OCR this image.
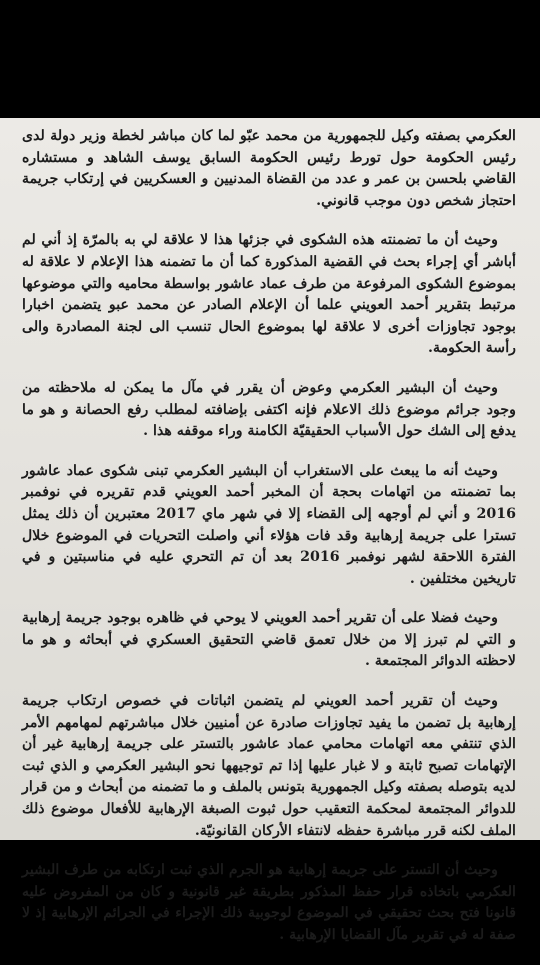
العكرمي بصفته وكيل للجمهورية من محمد عبّو لما كان مباشر لخطة وزير دولة لدى رئيس الحكومة حول تورط رئيس الحكومة السابق يوسف الشاهد و مستشاره القاضي بلحسن بن عمر و عدد من القضاة المدنيين و العسكريين في إرتكاب جريمة احتجاز شخص دون موجب قانوني.

وحيث أن ما تضمنته هذه الشكوى في جزئها هذا لا علاقة لي به بالمرّة إذ أني لم أباشر أي إجراء بحث في القضية المذكورة كما أن ما تضمنه هذا الإعلام لا علاقة له بموضوع الشكوى المرفوعة من طرف عماد عاشور بواسطة محاميه والتي موضوعها مرتبط بتقرير أحمد العويني علما أن الإعلام الصادر عن محمد عبو يتضمن اخبارا بوجود تجاوزات أخرى لا علاقة لها بموضوع الحال تنسب الى لجنة المصادرة والى رأسة الحكومة.

وحيث أن البشير العكرمي وعوض أن يقرر في مآل ما يمكن له ملاحظته من وجود جرائم موضوع ذلك الاعلام فإنه اكتفى بإضافته لمطلب رفع الحصانة و هو ما يدفع إلى الشك حول الأسباب الحقيقيّة الكامنة وراء موقفه هذا .

وحيث أنه ما يبعث على الاستغراب أن البشير العكرمي تبنى شكوى عماد عاشور بما تضمنته من اتهامات بحجة أن المخبر أحمد العويني قدم تقريره في نوفمبر 2016 و أني لم أوجهه إلى القضاء إلا في شهر ماي 2017 معتبرين أن ذلك يمثل تسترا على جريمة إرهابية وقد فات هؤلاء أني واصلت التحريات في الموضوع خلال الفترة اللاحقة لشهر نوفمبر 2016 بعد أن تم التحري عليه في مناسبتين و في تاريخين مختلفين .

وحيث فضلا على أن تقرير أحمد العويني لا يوحي في ظاهره بوجود جريمة إرهابية و التي لم تبرز إلا من خلال تعمق قاضي التحقيق العسكري في أبحاثه و هو ما لاحظته الدوائر المجتمعة .

وحيث أن تقرير أحمد العويني لم يتضمن اثباتات في خصوص ارتكاب جريمة إرهابية بل تضمن ما يفيد تجاوزات صادرة عن أمنيين خلال مباشرتهم لمهامهم الأمر الذي تنتفي معه اتهامات محامي عماد عاشور بالتستر على جريمة إرهابية غير أن الإتهامات تصبح ثابتة و لا غبار عليها إذا تم توجيهها نحو البشير العكرمي و الذي ثبت لديه بتوصله بصفته وكيل الجمهورية بتونس بالملف و ما تضمنه من أبحاث و من قرار للدوائر المجتمعة لمحكمة التعقيب حول ثبوت الصبغة الإرهابية للأفعال موضوع ذلك الملف لكنه قرر مباشرة حفظه لانتفاء الأركان القانونيّة.

وحيث أن التستر على جريمة إرهابية هو الجرم الذي ثبت ارتكابه من طرف البشير العكرمي باتخاذه قرار حفظ المذكور بطريقة غير قانونية و كان من المفروض عليه قانونا فتح بحث تحقيقي في الموضوع لوجوبية ذلك الإجراء في الجرائم الإرهابية إذ لا صفة له في تقرير مآل القضايا الإرهابية .
